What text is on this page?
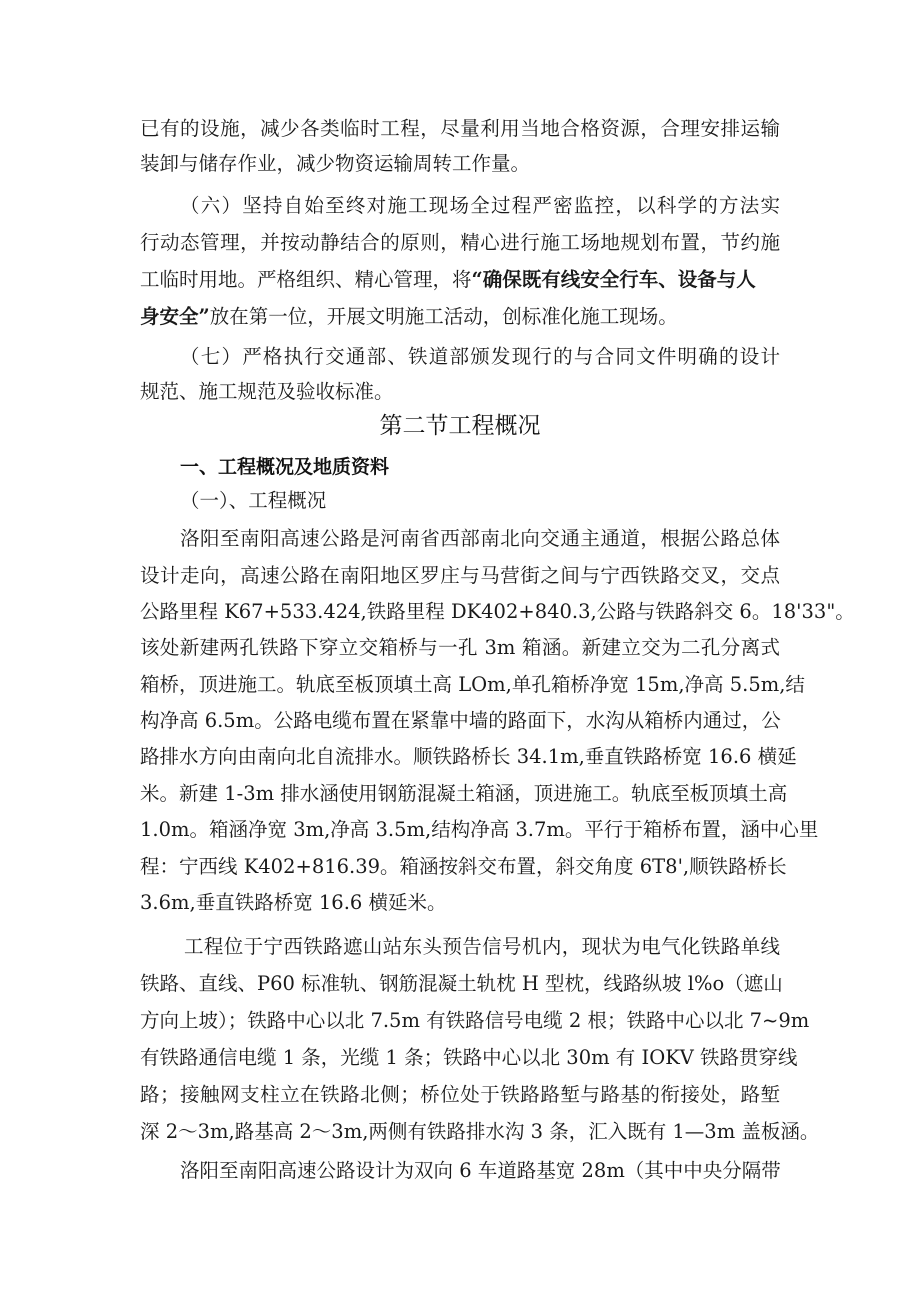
已有的设施，减少各类临时工程，尽量利用当地合格资源，合理安排运输
装卸与储存作业，减少物资运输周转工作量。
（六）坚持自始至终对施工现场全过程严密监控，以科学的方法实
行动态管理，并按动静结合的原则，精心进行施工场地规划布置，节约施
工临时用地。严格组织、精心管理，将“确保既有线安全行车、设备与人
身安全”放在第一位，开展文明施工活动，创标准化施工现场。
（七）严格执行交通部、铁道部颁发现行的与合同文件明确的设计
规范、施工规范及验收标准。
第二节工程概况
一、工程概况及地质资料
（一）、工程概况
洛阳至南阳高速公路是河南省西部南北向交通主通道，根据公路总体
设计走向，高速公路在南阳地区罗庄与马营街之间与宁西铁路交叉，交点
公路里程 K67+533.424,铁路里程 DK402+840.3,公路与铁路斜交 6。18'33"。
该处新建两孔铁路下穿立交箱桥与一孔 3m 箱涵。新建立交为二孔分离式
箱桥，顶进施工。轨底至板顶填土高 LOm,单孔箱桥净宽 15m,净高 5.5m,结
构净高 6.5m。公路电缆布置在紧靠中墙的路面下，水沟从箱桥内通过，公
路排水方向由南向北自流排水。顺铁路桥长 34.1m,垂直铁路桥宽 16.6 横延
米。新建 1-3m 排水涵使用钢筋混凝土箱涵，顶进施工。轨底至板顶填土高
1.0m。箱涵净宽 3m,净高 3.5m,结构净高 3.7m。平行于箱桥布置，涵中心里
程：宁西线 K402+816.39。箱涵按斜交布置，斜交角度 6T8',顺铁路桥长
3.6m,垂直铁路桥宽 16.6 横延米。
工程位于宁西铁路遮山站东头预告信号机内，现状为电气化铁路单线
铁路、直线、P60 标准轨、钢筋混凝土轨枕 H 型枕，线路纵坡 l%o（遮山
方向上坡）；铁路中心以北 7.5m 有铁路信号电缆 2 根；铁路中心以北 7~9m
有铁路通信电缆 1 条，光缆 1 条；铁路中心以北 30m 有 IOKV 铁路贯穿线
路；接触网支柱立在铁路北侧；桥位处于铁路路堑与路基的衔接处，路堑
深 2～3m,路基高 2～3m,两侧有铁路排水沟 3 条，汇入既有 1—3m 盖板涵。
洛阳至南阳高速公路设计为双向 6 车道路基宽 28m（其中中央分隔带
